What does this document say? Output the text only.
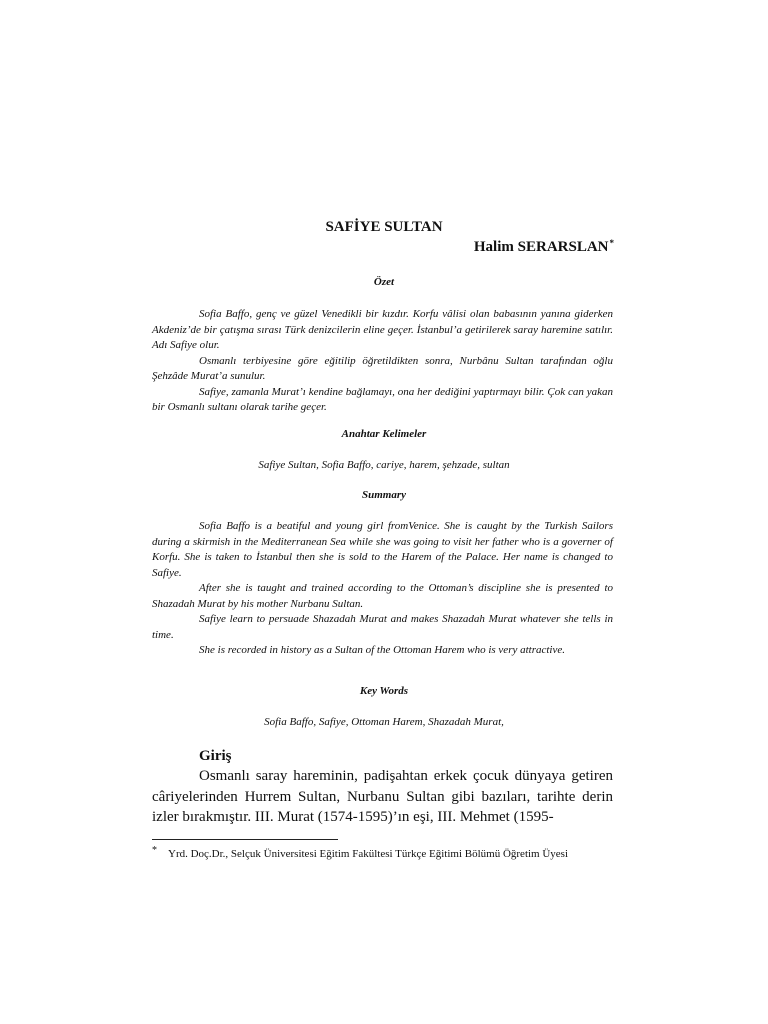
SAFİYE SULTAN
Halim SERARSLAN*
Özet

Sofia Baffo, genç ve güzel Venedikli bir kızdır. Korfu vâlisi olan babasının yanına giderken Akdeniz’de bir çatışma sırası Türk denizcilerin eline geçer. İstanbul’a getirilerek saray haremine satılır. Adı Safiye olur.

Osmanlı terbiyesine göre eğitilip öğretildikten sonra, Nurbânu Sultan tarafından oğlu Şehzâde Murat’a sunulur.

Safiye, zamanla Murat’ı kendine bağlamayı, ona her dediğini yaptırmayı bilir. Çok can yakan bir Osmanlı sultanı olarak tarihe geçer.

Anahtar Kelimeler

Safiye Sultan, Sofia Baffo, cariye, harem, şehzade, sultan

Summary

Sofia Baffo is a beatiful and young girl fromVenice. She is caught by the Turkish Sailors during a skirmish in the Mediterranean Sea while she was going to visit her father who is a governer of Korfu. She is taken to İstanbul then she is sold to the Harem of the Palace. Her name is changed to Safiye.

After she is taught and trained according to the Ottoman’s discipline she is presented to Shazadah Murat by his mother Nurbanu Sultan.

Safiye learn to persuade Shazadah Murat and makes Shazadah Murat whatever she tells in time.

She is recorded in history as a Sultan of the Ottoman Harem who is very attractive.

Key Words

Sofia Baffo, Safiye, Ottoman Harem, Shazadah Murat,

Giriş

Osmanlı saray hareminin, padişahtan erkek çocuk dünyaya getiren câriyelerinden Hurrem Sultan, Nurbanu Sultan gibi bazıları, tarihte derin izler bırakmıştır. III. Murat (1574-1595)’ın eşi, III. Mehmet (1595-

*	Yrd. Doç.Dr., Selçuk Üniversitesi Eğitim Fakültesi Türkçe Eğitimi Bölümü Öğretim Üyesi
